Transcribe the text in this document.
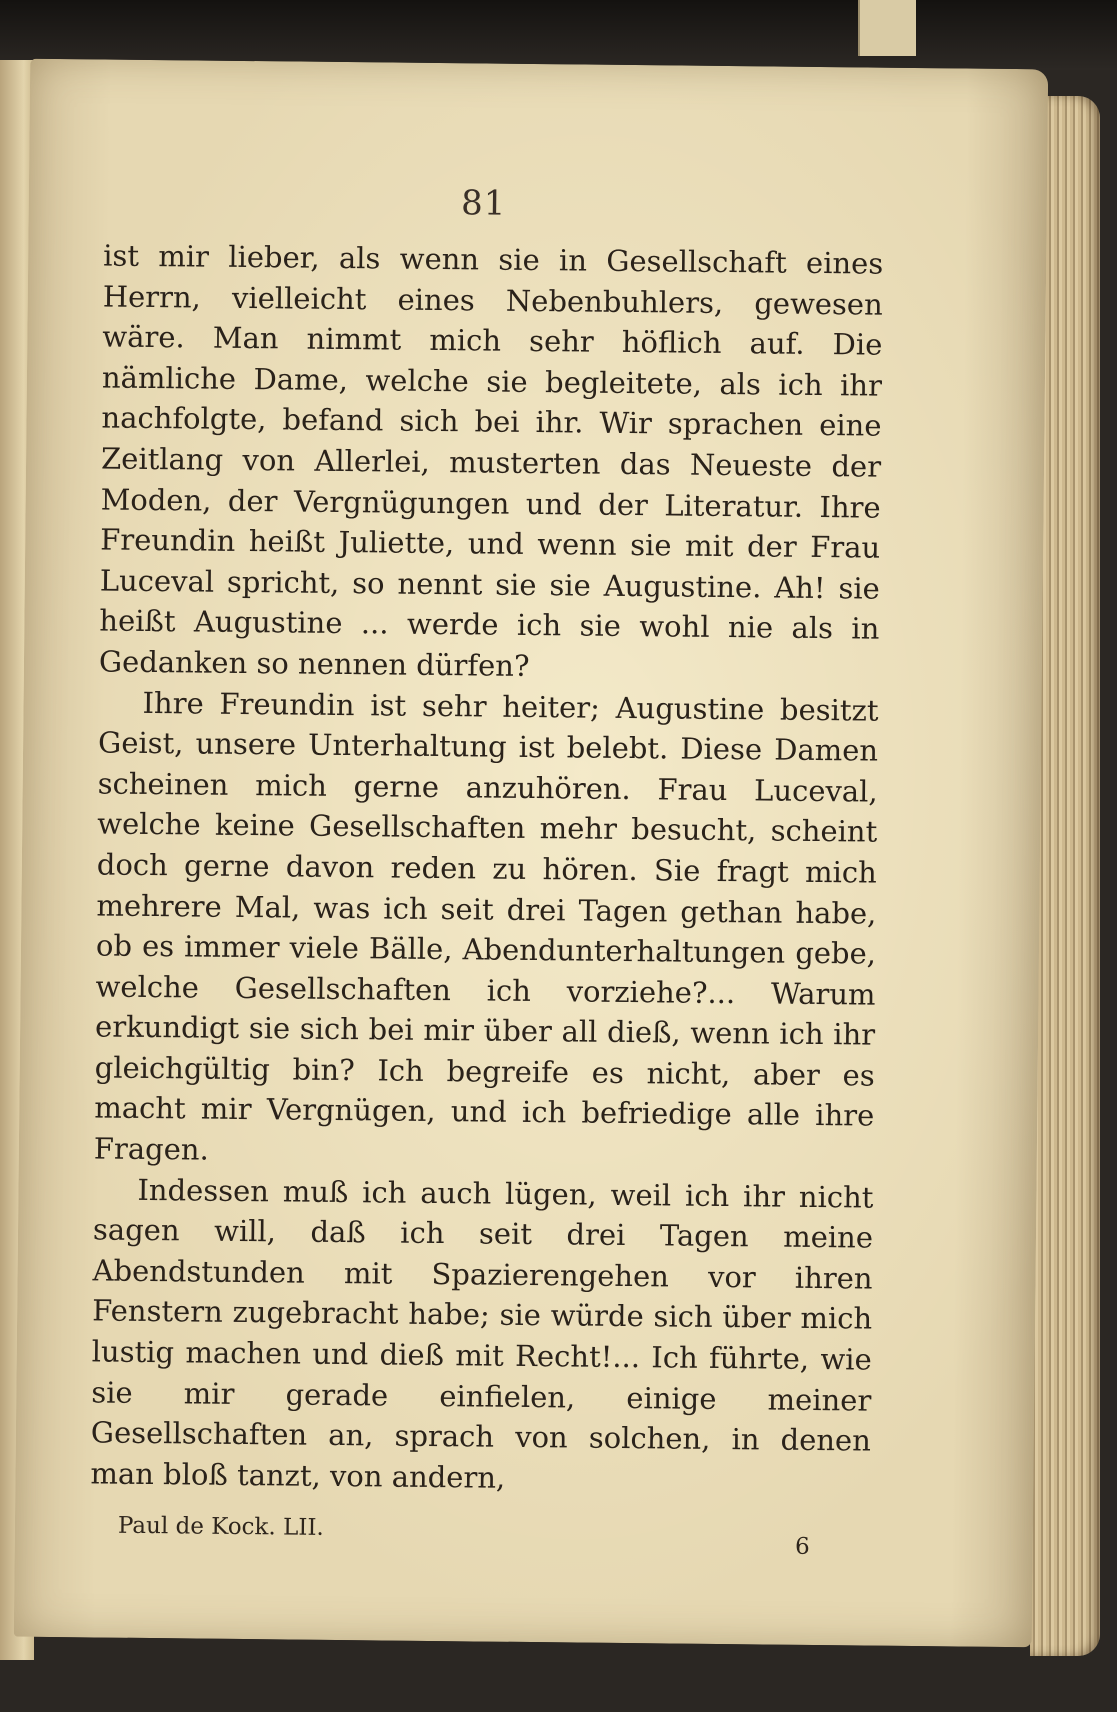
81

ist mir lieber, als wenn sie in Gesellschaft eines Herrn, vielleicht eines Nebenbuhlers, gewesen wäre. Man nimmt mich sehr höflich auf. Die nämliche Dame, welche sie begleitete, als ich ihr nachfolgte, befand sich bei ihr. Wir sprachen eine Zeitlang von Allerlei, musterten das Neueste der Moden, der Vergnügungen und der Literatur. Ihre Freundin heißt Juliette, und wenn sie mit der Frau Luceval spricht, so nennt sie sie Augustine. Ah! sie heißt Augustine ... werde ich sie wohl nie als in Gedanken so nennen dürfen?

Ihre Freundin ist sehr heiter; Augustine besitzt Geist, unsere Unterhaltung ist belebt. Diese Damen scheinen mich gerne anzuhören. Frau Luceval, welche keine Gesellschaften mehr besucht, scheint doch gerne davon reden zu hören. Sie fragt mich mehrere Mal, was ich seit drei Tagen gethan habe, ob es immer viele Bälle, Abendunterhaltungen gebe, welche Gesellschaften ich vorziehe?... Warum erkundigt sie sich bei mir über all dieß, wenn ich ihr gleichgültig bin? Ich begreife es nicht, aber es macht mir Vergnügen, und ich befriedige alle ihre Fragen.

Indessen muß ich auch lügen, weil ich ihr nicht sagen will, daß ich seit drei Tagen meine Abendstunden mit Spazierengehen vor ihren Fenstern zugebracht habe; sie würde sich über mich lustig machen und dieß mit Recht!... Ich führte, wie sie mir gerade einfielen, einige meiner Gesellschaften an, sprach von solchen, in denen man bloß tanzt, von andern,

Paul de Kock. LII.
6
